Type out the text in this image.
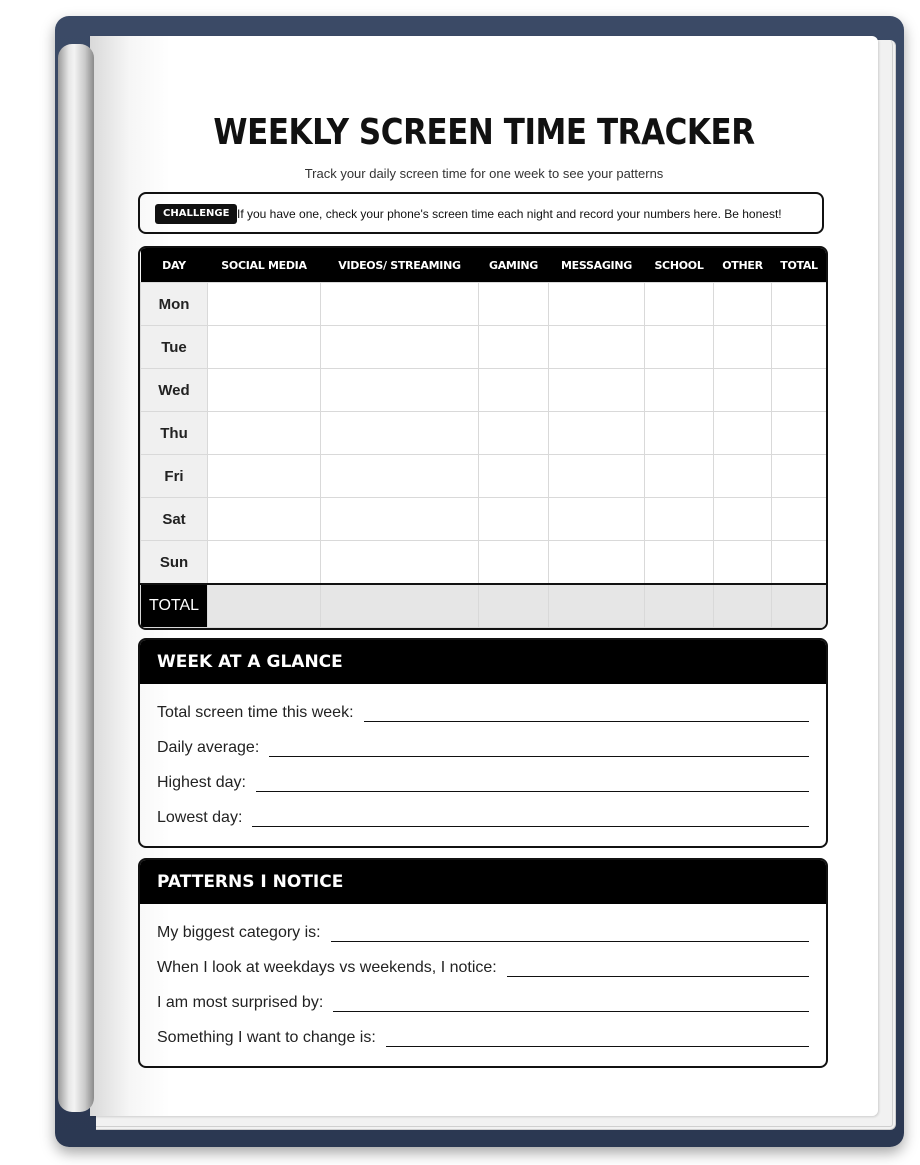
WEEKLY SCREEN TIME TRACKER
Track your daily screen time for one week to see your patterns
CHALLENGE If you have one, check your phone's screen time each night and record your numbers here. Be honest!
DAY	SOCIAL MEDIA	VIDEOS/ STREAMING	GAMING	MESSAGING	SCHOOL	OTHER	TOTAL
Mon							
Tue							
Wed							
Thu							
Fri							
Sat							
Sun							
TOTAL							
WEEK AT A GLANCE
Total screen time this week:
Daily average:
Highest day:
Lowest day:
PATTERNS I NOTICE
My biggest category is:
When I look at weekdays vs weekends, I notice:
I am most surprised by:
Something I want to change is:
